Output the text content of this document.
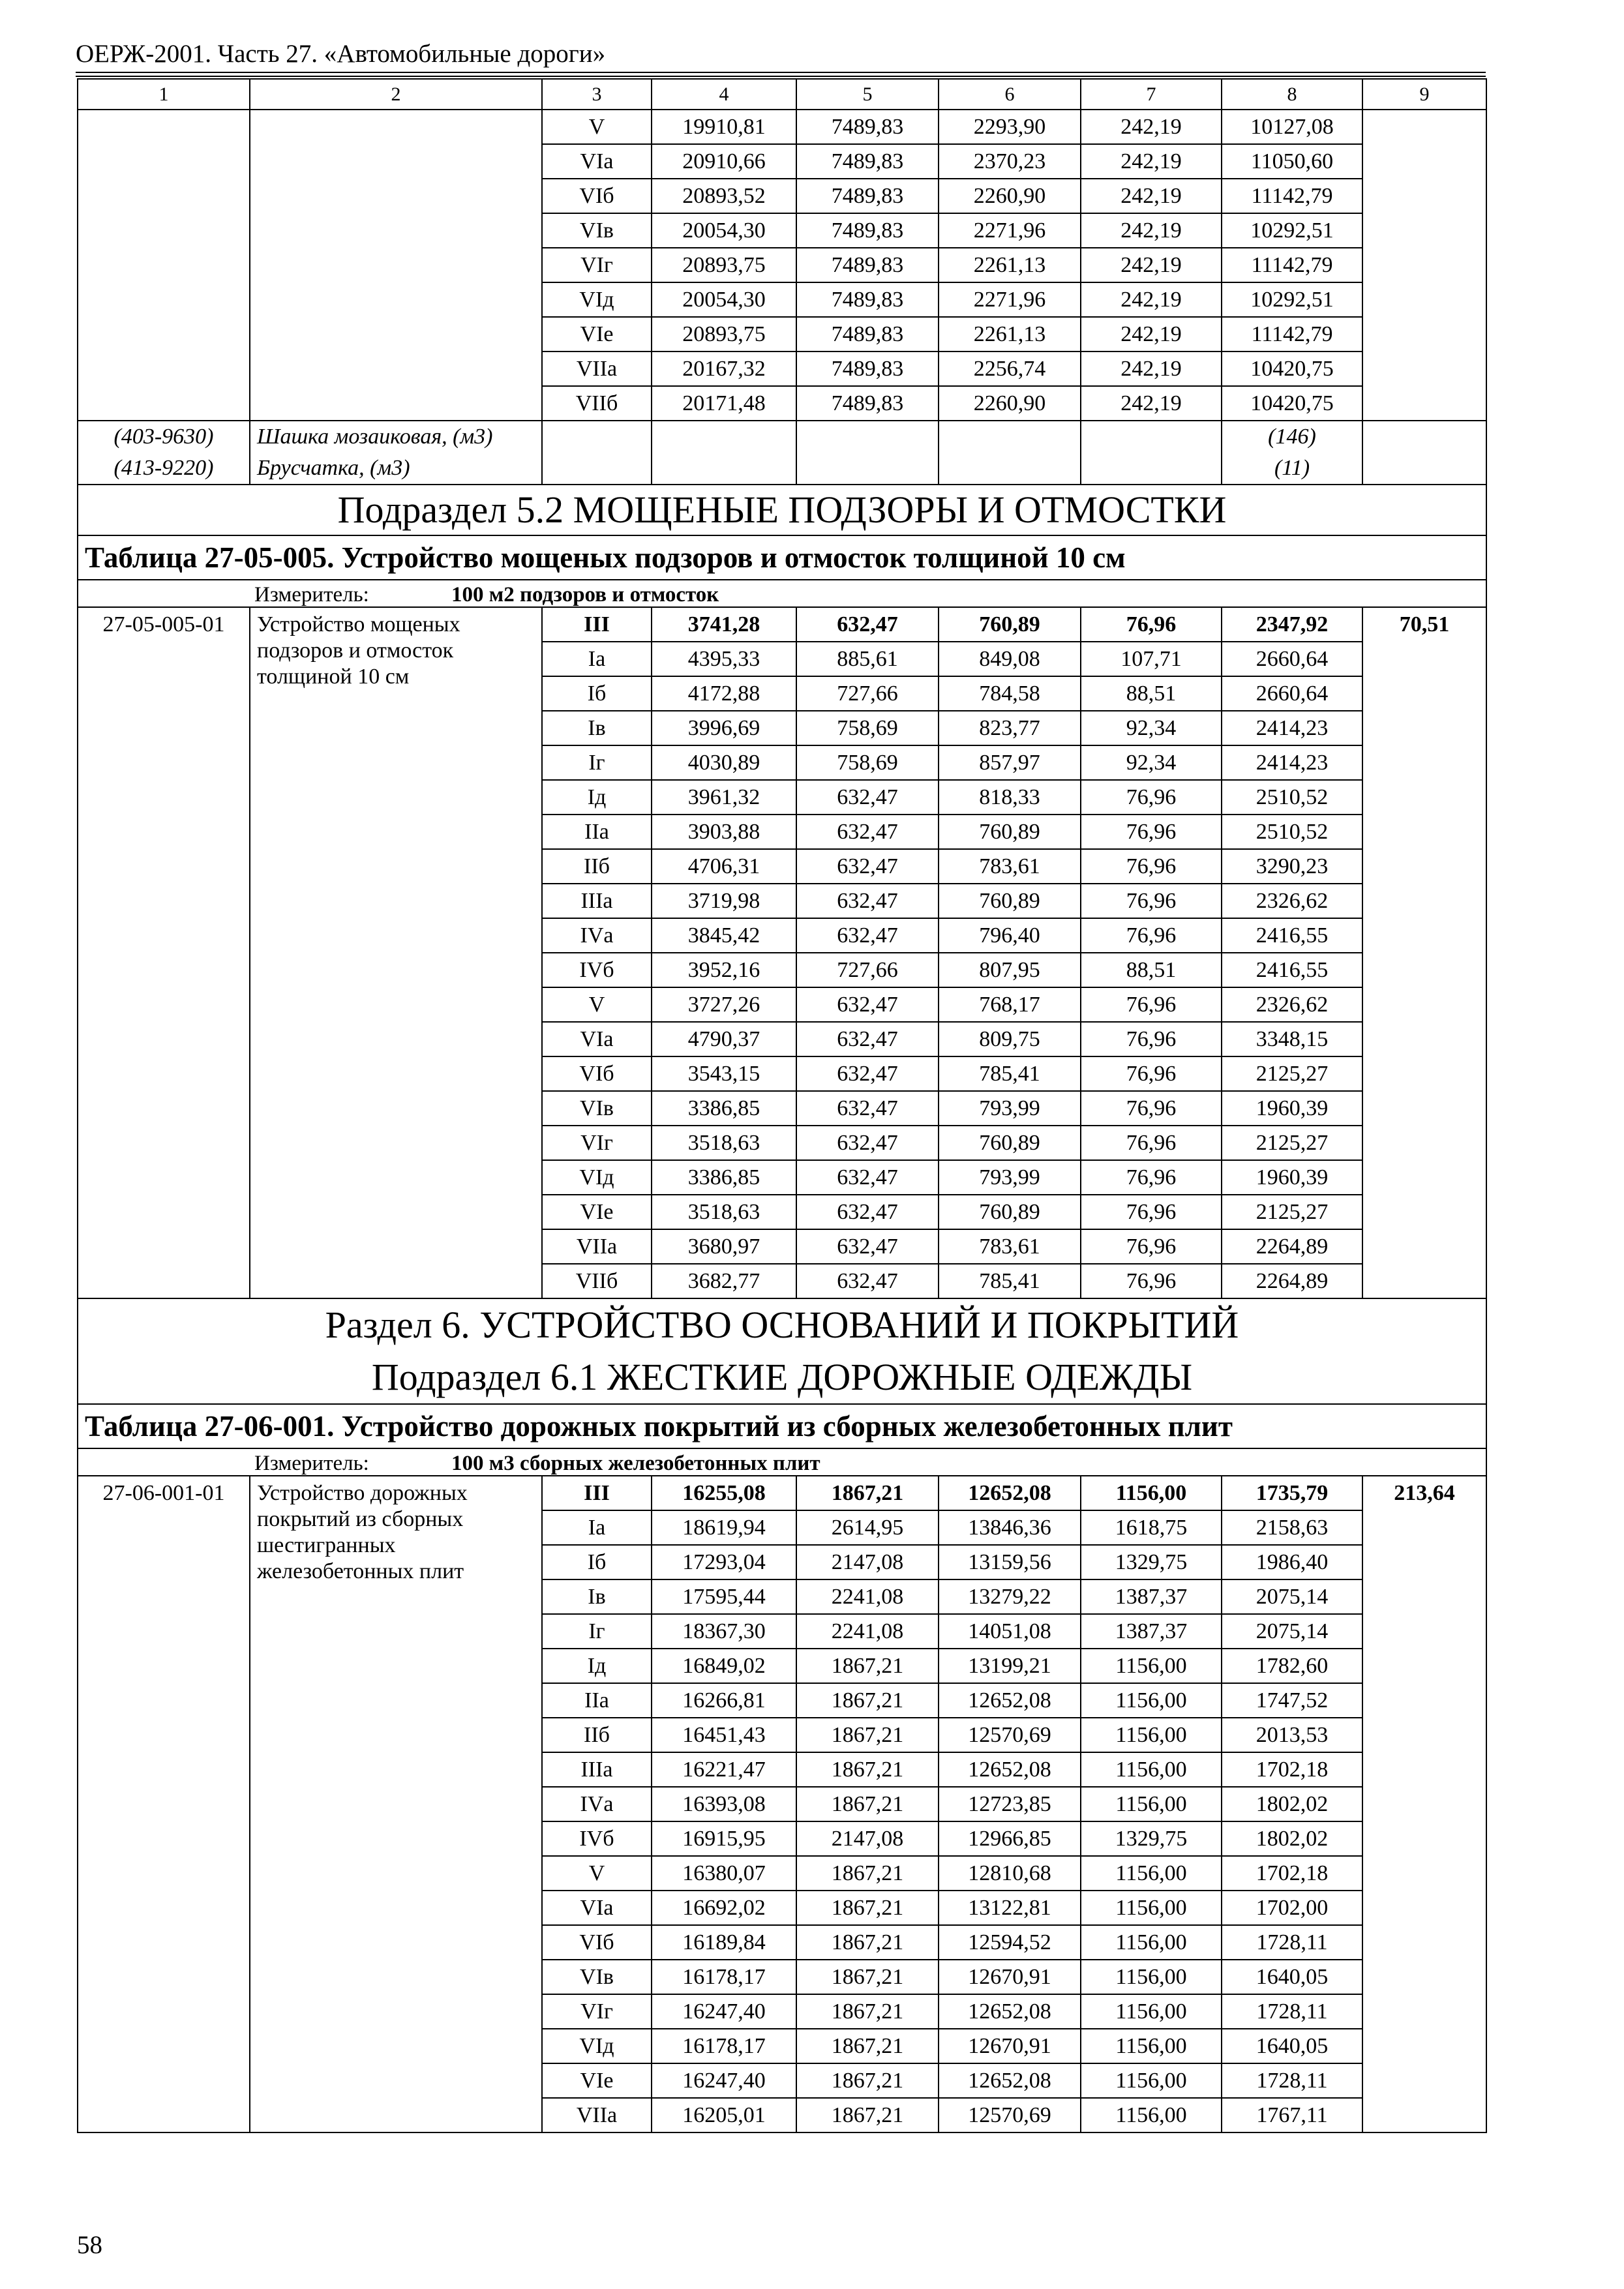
ОЕРЖ-2001. Часть 27. «Автомобильные дороги»
1	2	3	4	5	6	7	8	9
		V	19910,81	7489,83	2293,90	242,19	10127,08	
		VIа	20910,66	7489,83	2370,23	242,19	11050,60	
		VIб	20893,52	7489,83	2260,90	242,19	11142,79	
		VIв	20054,30	7489,83	2271,96	242,19	10292,51	
		VIг	20893,75	7489,83	2261,13	242,19	11142,79	
		VIд	20054,30	7489,83	2271,96	242,19	10292,51	
		VIе	20893,75	7489,83	2261,13	242,19	11142,79	
		VIIа	20167,32	7489,83	2256,74	242,19	10420,75	
		VIIб	20171,48	7489,83	2260,90	242,19	10420,75	
(403-9630)	Шашка мозаиковая, (м3)						(146)	
(413-9220)	Брусчатка, (м3)						(11)	

Подраздел 5.2 МОЩЕНЫЕ ПОДЗОРЫ И ОТМОСТКИ								

Таблица 27-05-005. Устройство мощеных подзоров и отмосток толщиной 10 см								

Измеритель: 100 м2 подзоров и отмосток								

27-05-005-01	Устройство мощеных подзоров и отмосток толщиной 10 см	III	3741,28	632,47	760,89	76,96	2347,92	70,51
		Iа	4395,33	885,61	849,08	107,71	2660,64	
		Iб	4172,88	727,66	784,58	88,51	2660,64	
		Iв	3996,69	758,69	823,77	92,34	2414,23	
		Iг	4030,89	758,69	857,97	92,34	2414,23	
		Iд	3961,32	632,47	818,33	76,96	2510,52	
		IIа	3903,88	632,47	760,89	76,96	2510,52	
		IIб	4706,31	632,47	783,61	76,96	3290,23	
		IIIа	3719,98	632,47	760,89	76,96	2326,62	
		IVа	3845,42	632,47	796,40	76,96	2416,55	
		IVб	3952,16	727,66	807,95	88,51	2416,55	
		V	3727,26	632,47	768,17	76,96	2326,62	
		VIа	4790,37	632,47	809,75	76,96	3348,15	
		VIб	3543,15	632,47	785,41	76,96	2125,27	
		VIв	3386,85	632,47	793,99	76,96	1960,39	
		VIг	3518,63	632,47	760,89	76,96	2125,27	
		VIд	3386,85	632,47	793,99	76,96	1960,39	
		VIе	3518,63	632,47	760,89	76,96	2125,27	
		VIIа	3680,97	632,47	783,61	76,96	2264,89	
		VIIб	3682,77	632,47	785,41	76,96	2264,89	

Раздел 6. УСТРОЙСТВО ОСНОВАНИЙ И ПОКРЫТИЙ
Подраздел 6.1 ЖЕСТКИЕ ДОРОЖНЫЕ ОДЕЖДЫ								

Таблица 27-06-001. Устройство дорожных покрытий из сборных железобетонных плит								

Измеритель: 100 м3 сборных железобетонных плит								

27-06-001-01	Устройство дорожных покрытий из сборных шестигранных железобетонных плит	III	16255,08	1867,21	12652,08	1156,00	1735,79	213,64
		Iа	18619,94	2614,95	13846,36	1618,75	2158,63	
		Iб	17293,04	2147,08	13159,56	1329,75	1986,40	
		Iв	17595,44	2241,08	13279,22	1387,37	2075,14	
		Iг	18367,30	2241,08	14051,08	1387,37	2075,14	
		Iд	16849,02	1867,21	13199,21	1156,00	1782,60	
		IIа	16266,81	1867,21	12652,08	1156,00	1747,52	
		IIб	16451,43	1867,21	12570,69	1156,00	2013,53	
		IIIа	16221,47	1867,21	12652,08	1156,00	1702,18	
		IVа	16393,08	1867,21	12723,85	1156,00	1802,02	
		IVб	16915,95	2147,08	12966,85	1329,75	1802,02	
		V	16380,07	1867,21	12810,68	1156,00	1702,18	
		VIа	16692,02	1867,21	13122,81	1156,00	1702,00	
		VIб	16189,84	1867,21	12594,52	1156,00	1728,11	
		VIв	16178,17	1867,21	12670,91	1156,00	1640,05	
		VIг	16247,40	1867,21	12652,08	1156,00	1728,11	
		VIд	16178,17	1867,21	12670,91	1156,00	1640,05	
		VIе	16247,40	1867,21	12652,08	1156,00	1728,11	
		VIIа	16205,01	1867,21	12570,69	1156,00	1767,11	
58
